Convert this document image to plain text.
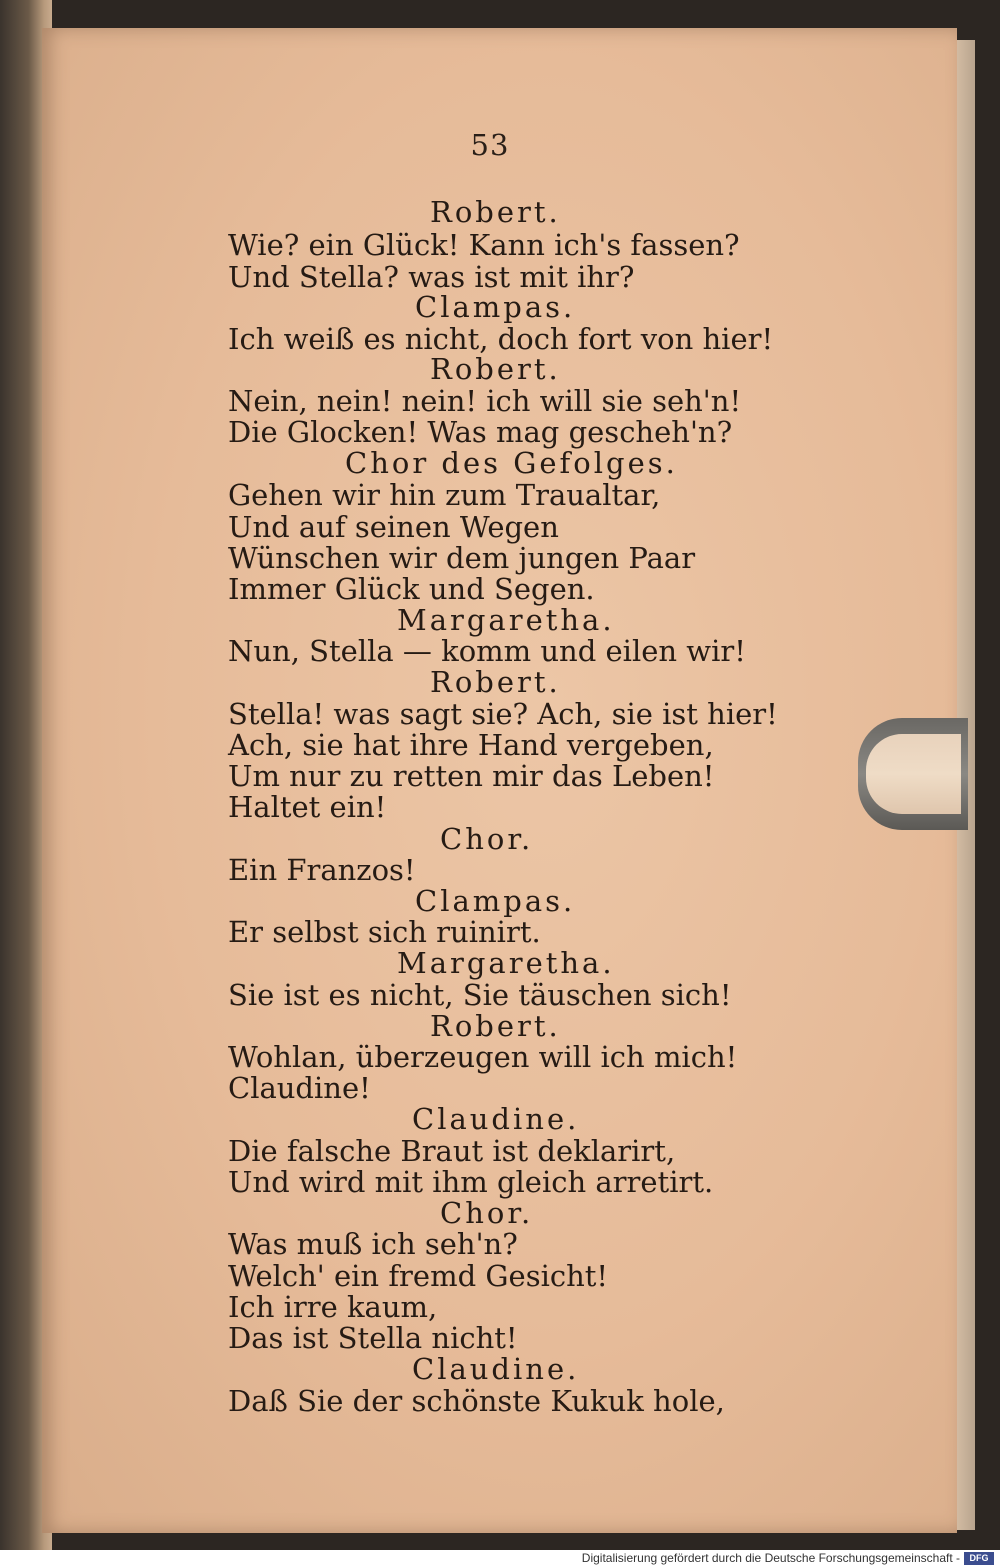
53
Robert.
Wie? ein Glück! Kann ich's fassen?
Und Stella? was ist mit ihr?
Clampas.
Ich weiß es nicht, doch fort von hier!
Robert.
Nein, nein! nein! ich will sie seh'n!
Die Glocken! Was mag gescheh'n?
Chor des Gefolges.
Gehen wir hin zum Traualtar,
Und auf seinen Wegen
Wünschen wir dem jungen Paar
Immer Glück und Segen.
Margaretha.
Nun, Stella — komm und eilen wir!
Robert.
Stella! was sagt sie? Ach, sie ist hier!
Ach, sie hat ihre Hand vergeben,
Um nur zu retten mir das Leben!
Haltet ein!
Chor.
Ein Franzos!
Clampas.
Er selbst sich ruinirt.
Margaretha.
Sie ist es nicht, Sie täuschen sich!
Robert.
Wohlan, überzeugen will ich mich!
Claudine!
Claudine.
Die falsche Braut ist deklarirt,
Und wird mit ihm gleich arretirt.
Chor.
Was muß ich seh'n?
Welch' ein fremd Gesicht!
Ich irre kaum,
Das ist Stella nicht!
Claudine.
Daß Sie der schönste Kukuk hole,
Digitalisierung gefördert durch die Deutsche Forschungsgemeinschaft -	DFG
